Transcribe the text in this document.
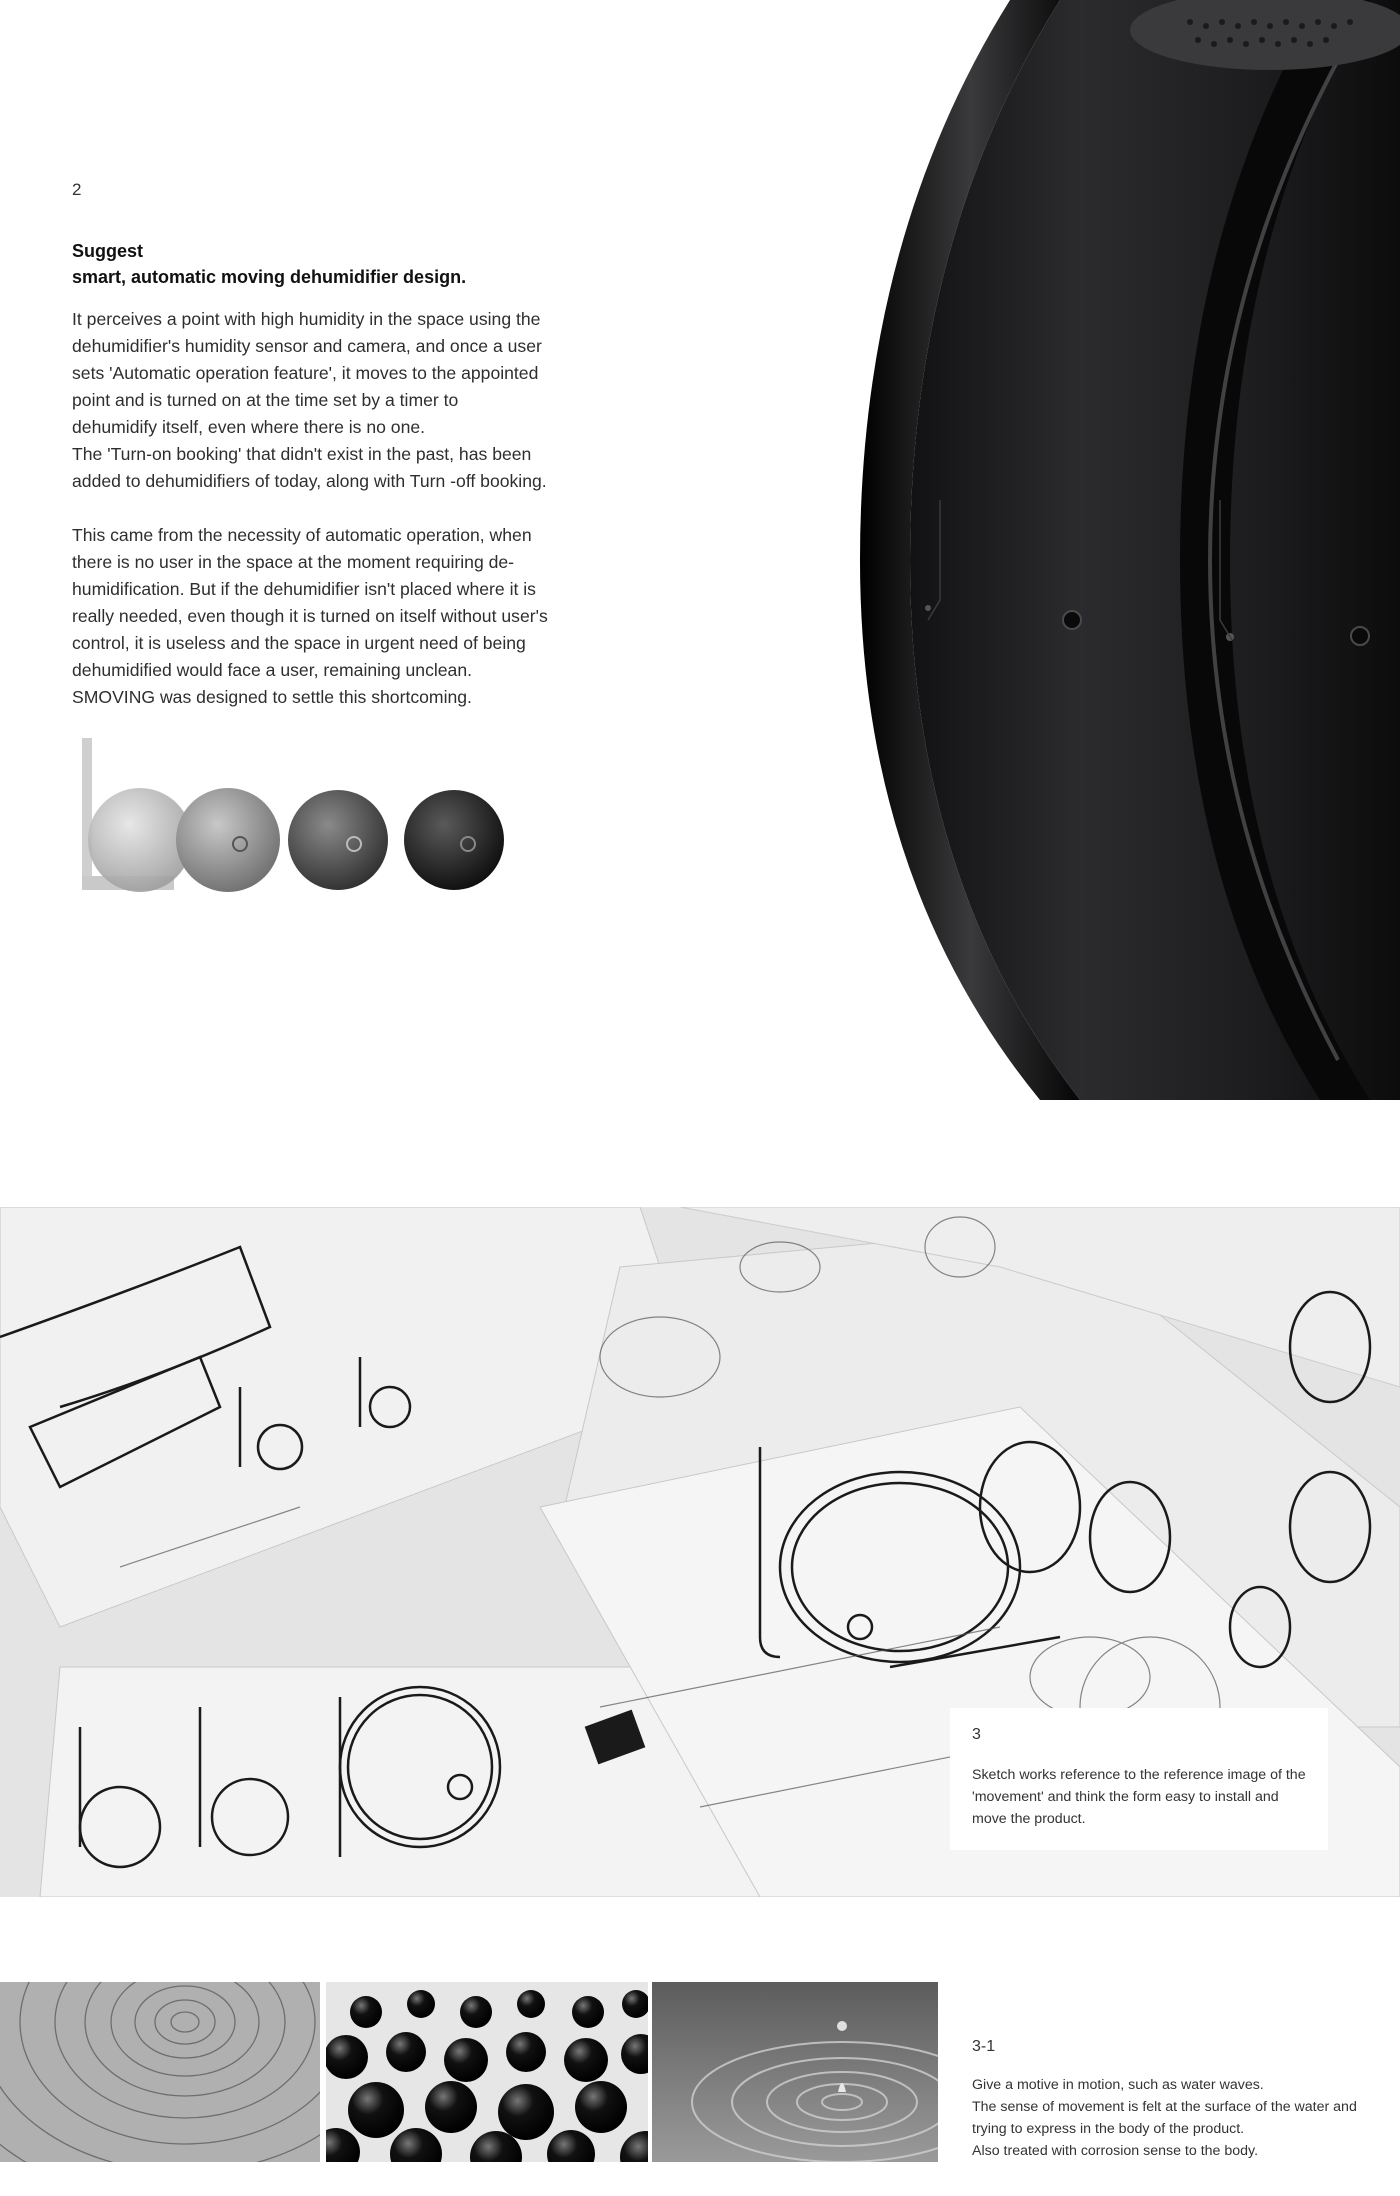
2
Suggest
smart, automatic moving dehumidifier design.

It perceives a point with high humidity in the space using the dehumidifier's humidity sensor and camera, and once a user sets 'Automatic operation feature', it moves to the appointed point and is turned on at the time set by a timer to dehumidify itself, even where there is no one.

The 'Turn-on booking' that didn't exist in the past, has been added to dehumidifiers of today, along with Turn -off booking.

This came from the necessity of automatic operation, when there is no user in the space at the moment requiring de-humidification. But if the dehumidifier isn't placed where it is really needed, even though it is turned on itself without user's control, it is useless and the space in urgent need of being dehumidified would face a user, remaining unclean. SMOVING was designed to settle this shortcoming.

3
Sketch works reference to the reference image of the 'movement' and think the form easy to install and move the product.
3-1
Give a motive in motion, such as water waves.
The sense of movement is felt at the surface of the water and trying to express in the body of the product.
Also treated with corrosion sense to the body.
